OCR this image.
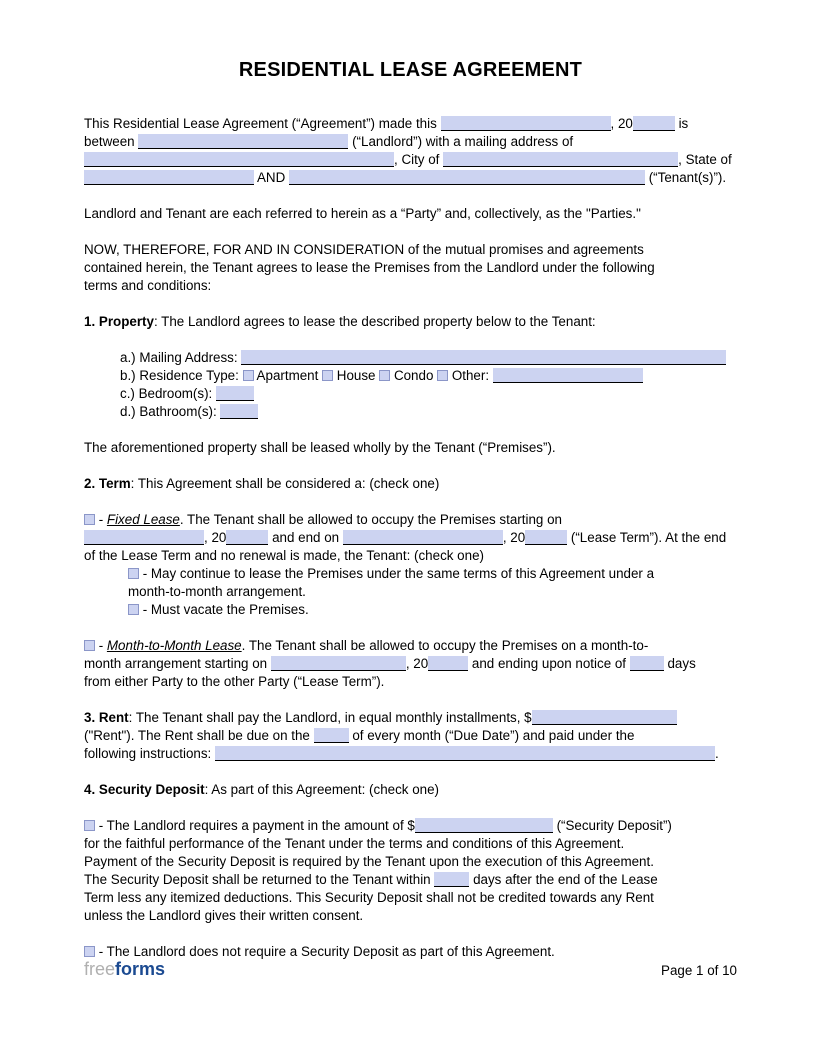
RESIDENTIAL LEASE AGREEMENT
This Residential Lease Agreement (“Agreement”) made this	, 20	is
between	(“Landlord”) with a mailing address of
, City of	, State of
AND	(“Tenant(s)”).
Landlord and Tenant are each referred to herein as a “Party” and, collectively, as the "Parties."
NOW, THEREFORE, FOR AND IN CONSIDERATION of the mutual promises and agreements
contained herein, the Tenant agrees to lease the Premises from the Landlord under the following
terms and conditions:
1. Property: The Landlord agrees to lease the described property below to the Tenant:
a.) Mailing Address:
b.) Residence Type:  Apartment  House  Condo  Other:
c.) Bedroom(s):
d.) Bathroom(s):
The aforementioned property shall be leased wholly by the Tenant (“Premises”).
2. Term: This Agreement shall be considered a: (check one)
- Fixed Lease. The Tenant shall be allowed to occupy the Premises starting on
, 20	and end on	, 20	(“Lease Term”). At the end
of the Lease Term and no renewal is made, the Tenant: (check one)
- May continue to lease the Premises under the same terms of this Agreement under a
month-to-month arrangement.
- Must vacate the Premises.
- Month-to-Month Lease. The Tenant shall be allowed to occupy the Premises on a month-to-
month arrangement starting on	, 20	and ending upon notice of	days
from either Party to the other Party (“Lease Term”).
3. Rent: The Tenant shall pay the Landlord, in equal monthly installments, $
("Rent"). The Rent shall be due on the	of every month (“Due Date”) and paid under the
following instructions:	.
4. Security Deposit: As part of this Agreement: (check one)
- The Landlord requires a payment in the amount of $	(“Security Deposit”)
for the faithful performance of the Tenant under the terms and conditions of this Agreement.
Payment of the Security Deposit is required by the Tenant upon the execution of this Agreement.
The Security Deposit shall be returned to the Tenant within	days after the end of the Lease
Term less any itemized deductions. This Security Deposit shall not be credited towards any Rent
unless the Landlord gives their written consent.
- The Landlord does not require a Security Deposit as part of this Agreement.
freeforms	Page 1 of 10
